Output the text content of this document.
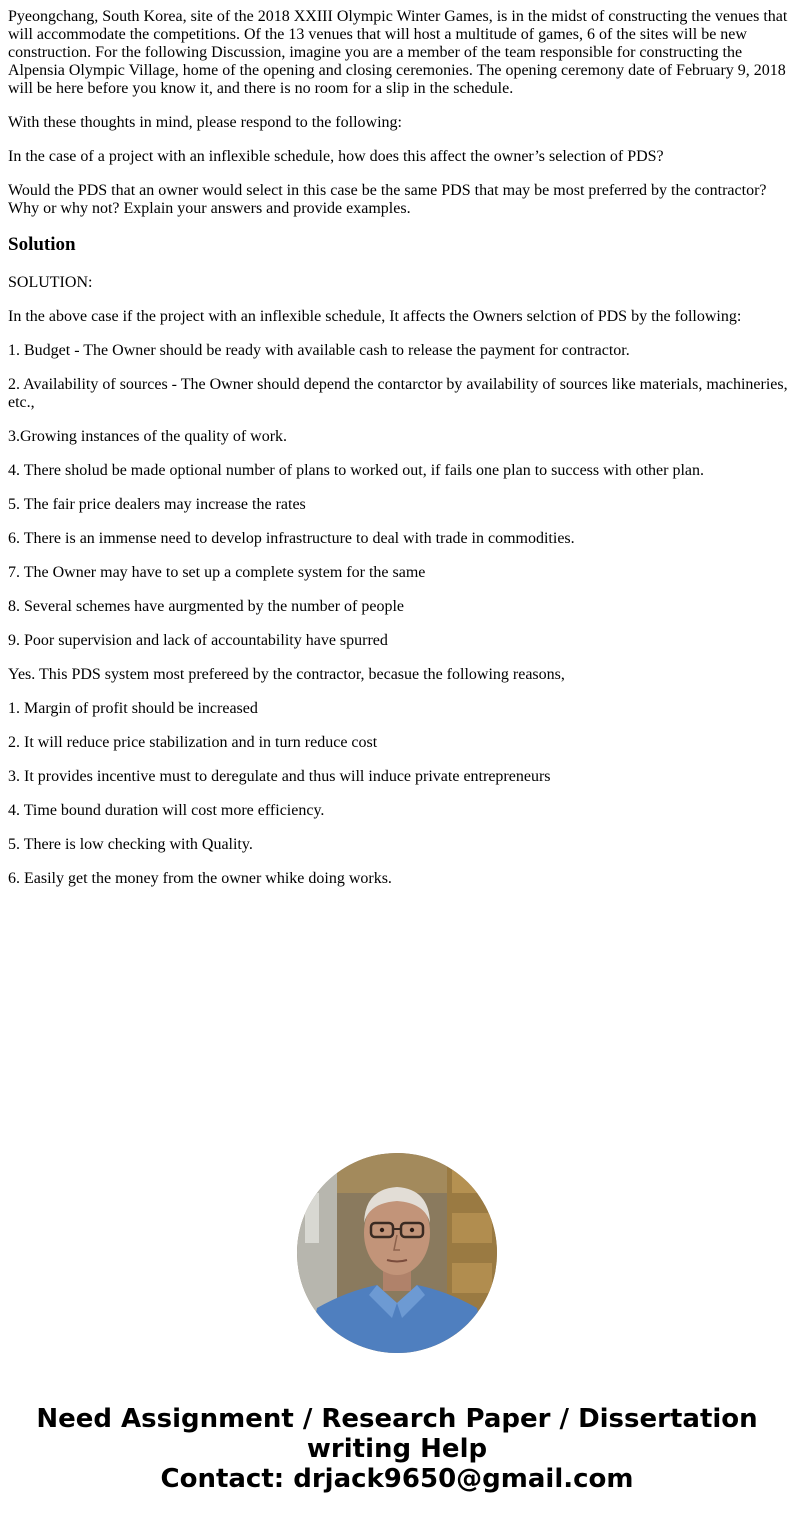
Pyeongchang, South Korea, site of the 2018 XXIII Olympic Winter Games, is in the midst of constructing the venues that will accommodate the competitions. Of the 13 venues that will host a multitude of games, 6 of the sites will be new construction. For the following Discussion, imagine you are a member of the team responsible for constructing the Alpensia Olympic Village, home of the opening and closing ceremonies. The opening ceremony date of February 9, 2018 will be here before you know it, and there is no room for a slip in the schedule.

With these thoughts in mind, please respond to the following:

In the case of a project with an inflexible schedule, how does this affect the owner’s selection of PDS?

Would the PDS that an owner would select in this case be the same PDS that may be most preferred by the contractor? Why or why not? Explain your answers and provide examples.

Solution

SOLUTION:

In the above case if the project with an inflexible schedule, It affects the Owners selction of PDS by the following:

1. Budget - The Owner should be ready with available cash to release the payment for contractor.

2. Availability of sources - The Owner should depend the contarctor by availability of sources like materials, machineries, etc.,

3.Growing instances of the quality of work.

4. There sholud be made optional number of plans to worked out, if fails one plan to success with other plan.

5. The fair price dealers may increase the rates

6. There is an immense need to develop infrastructure to deal with trade in commodities.

7. The Owner may have to set up a complete system for the same

8. Several schemes have aurgmented by the number of people

9. Poor supervision and lack of accountability have spurred

Yes. This PDS system most prefereed by the contractor, becasue the following reasons,

1. Margin of profit should be increased

2. It will reduce price stabilization and in turn reduce cost

3. It provides incentive must to deregulate and thus will induce private entrepreneurs

4. Time bound duration will cost more efficiency.

5. There is low checking with Quality.

6. Easily get the money from the owner whike doing works.

Need Assignment / Research Paper / Dissertation
writing Help
Contact: drjack9650@gmail.com
